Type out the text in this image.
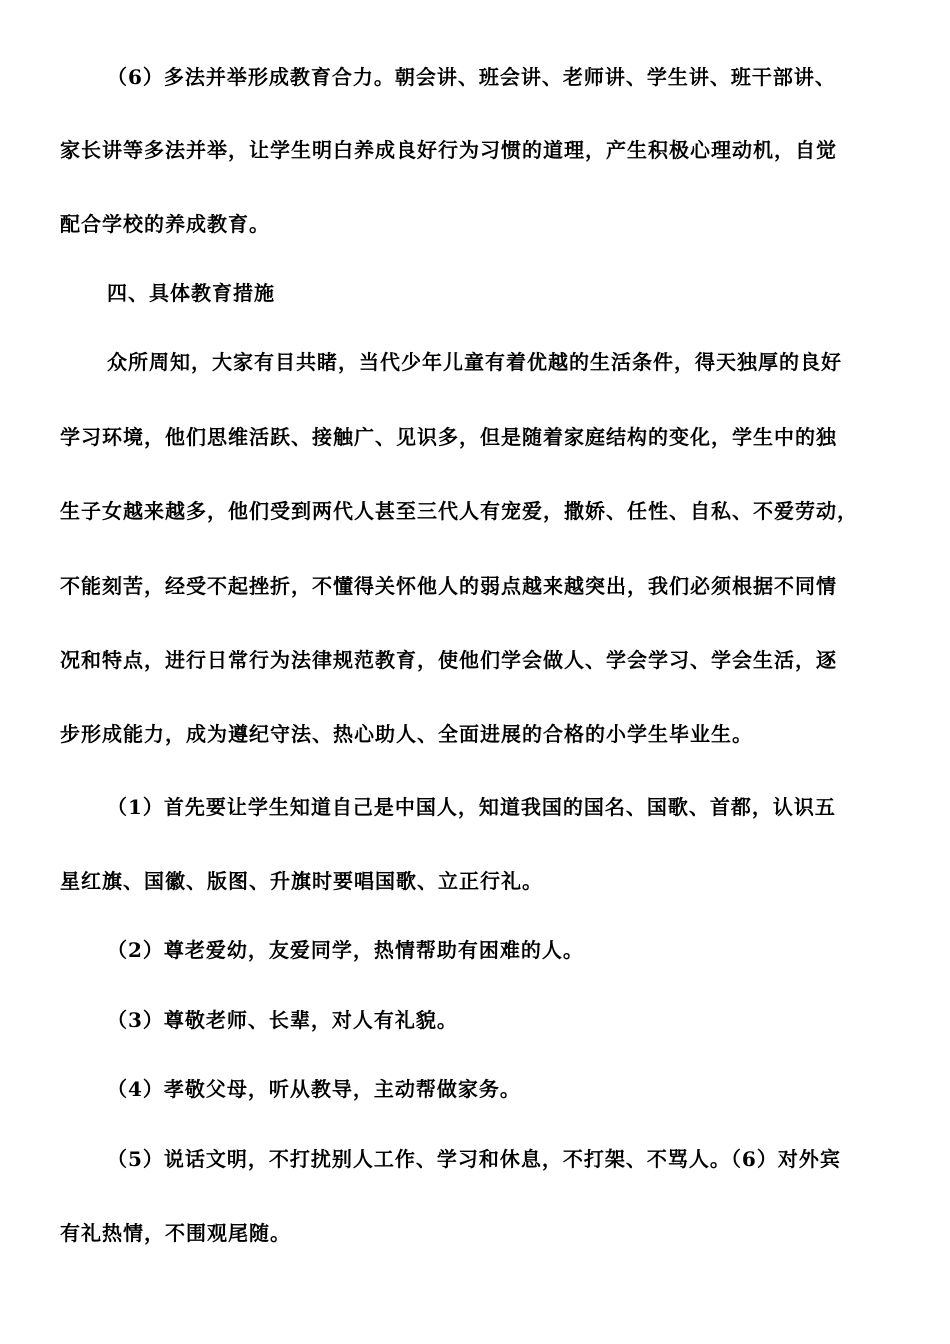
（6）多法并举形成教育合力。朝会讲、班会讲、老师讲、学生讲、班干部讲、
家长讲等多法并举，让学生明白养成良好行为习惯的道理，产生积极心理动机，自觉
配合学校的养成教育。
四、具体教育措施
众所周知，大家有目共睹，当代少年儿童有着优越的生活条件，得天独厚的良好
学习环境，他们思维活跃、接触广、见识多，但是随着家庭结构的变化，学生中的独
生子女越来越多，他们受到两代人甚至三代人有宠爱，撒娇、任性、自私、不爱劳动，
不能刻苦，经受不起挫折，不懂得关怀他人的弱点越来越突出，我们必须根据不同情
况和特点，进行日常行为法律规范教育，使他们学会做人、学会学习、学会生活，逐
步形成能力，成为遵纪守法、热心助人、全面进展的合格的小学生毕业生。
（1）首先要让学生知道自己是中国人，知道我国的国名、国歌、首都，认识五
星红旗、国徽、版图、升旗时要唱国歌、立正行礼。
（2）尊老爱幼，友爱同学，热情帮助有困难的人。
（3）尊敬老师、长辈，对人有礼貌。
（4）孝敬父母，听从教导，主动帮做家务。
（5）说话文明，不打扰别人工作、学习和休息，不打架、不骂人。（6）对外宾
有礼热情，不围观尾随。
